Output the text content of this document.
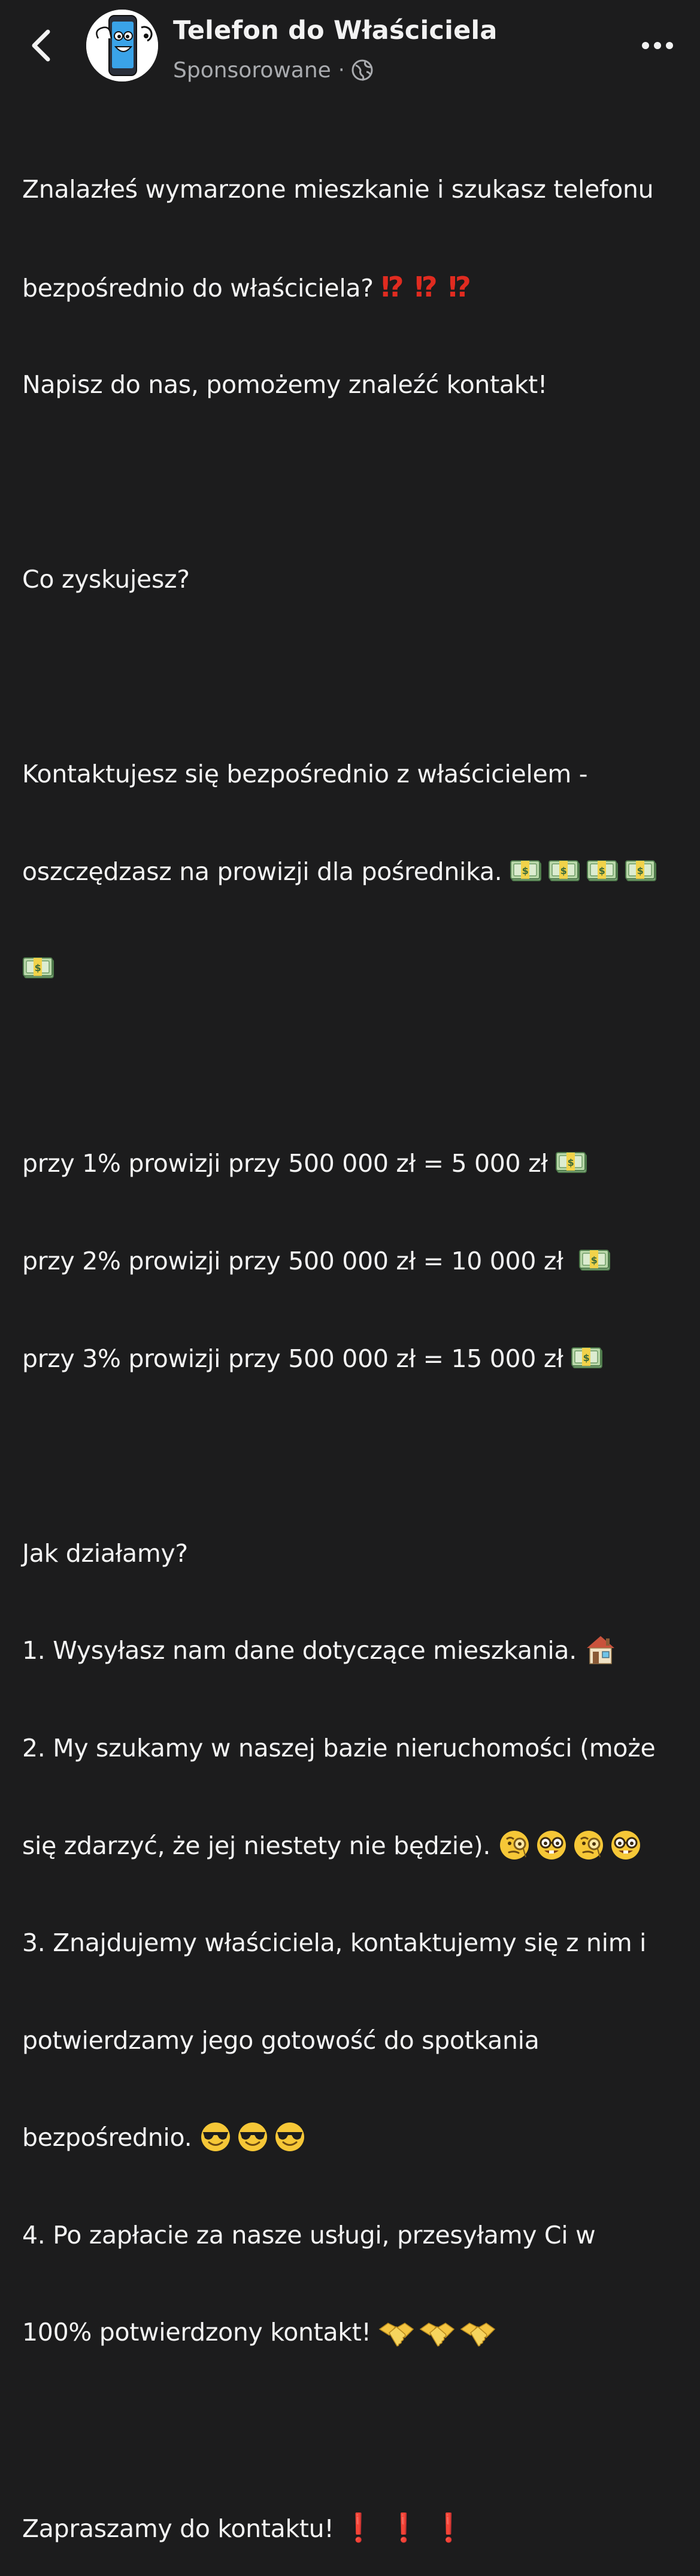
Telefon do Właściciela
Sponsorowane ·

Znalazłeś wymarzone mieszkanie i szukasz telefonu

bezpośrednio do właściciela? ⁉ ⁉ ⁉

Napisz do nas, pomożemy znaleźć kontakt!

Co zyskujesz?

Kontaktujesz się bezpośrednio z właścicielem -

oszczędzasz na prowizji dla pośrednika. $	$	$	$

$

przy 1% prowizji przy 500 000 zł = 5 000 zł $

przy 2% prowizji przy 500 000 zł = 10 000 zł	$

przy 3% prowizji przy 500 000 zł = 15 000 zł $

Jak działamy?

1. Wysyłasz nam dane dotyczące mieszkania.

2. My szukamy w naszej bazie nieruchomości (może

się zdarzyć, że jej niestety nie będzie).

3. Znajdujemy właściciela, kontaktujemy się z nim i

potwierdzamy jego gotowość do spotkania

bezpośrednio.

4. Po zapłacie za nasze usługi, przesyłamy Ci w

100% potwierdzony kontakt!

Zapraszamy do kontaktu! ❗ ❗ ❗
